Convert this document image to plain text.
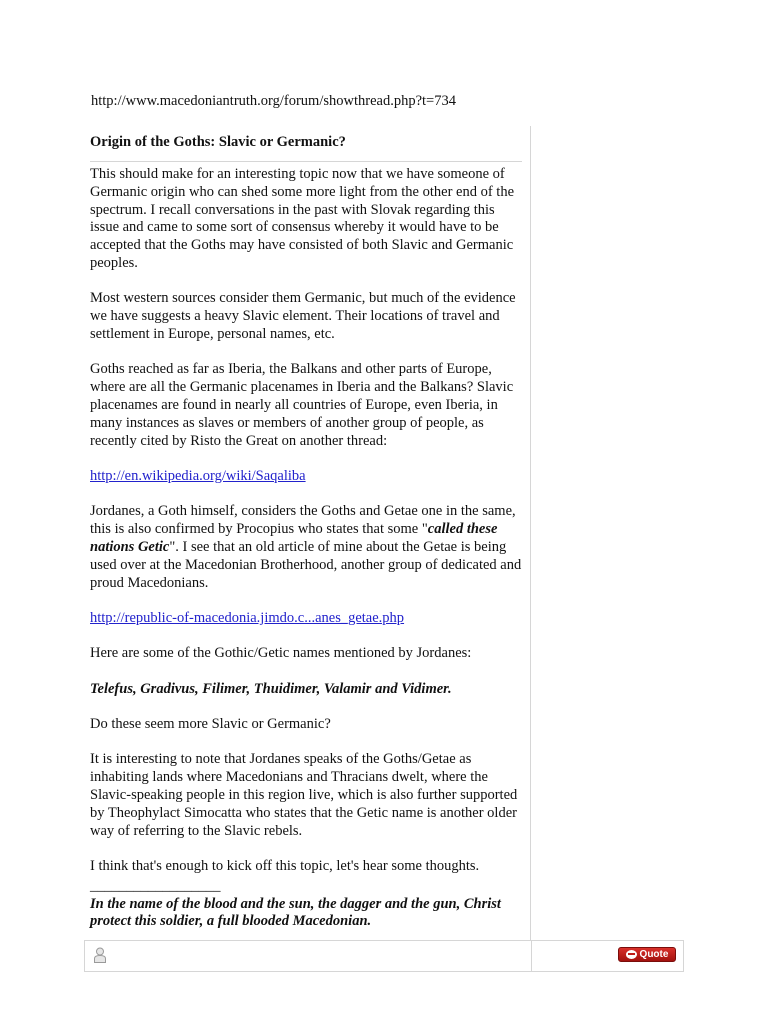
http://www.macedoniantruth.org/forum/showthread.php?t=734
Origin of the Goths: Slavic or Germanic?

This should make for an interesting topic now that we have someone of Germanic origin who can shed some more light from the other end of the spectrum. I recall conversations in the past with Slovak regarding this issue and came to some sort of consensus whereby it would have to be accepted that the Goths may have consisted of both Slavic and Germanic peoples.

Most western sources consider them Germanic, but much of the evidence we have suggests a heavy Slavic element. Their locations of travel and settlement in Europe, personal names, etc.

Goths reached as far as Iberia, the Balkans and other parts of Europe, where are all the Germanic placenames in Iberia and the Balkans? Slavic placenames are found in nearly all countries of Europe, even Iberia, in many instances as slaves or members of another group of people, as recently cited by Risto the Great on another thread:

http://en.wikipedia.org/wiki/Saqaliba

Jordanes, a Goth himself, considers the Goths and Getae one in the same, this is also confirmed by Procopius who states that some "called these nations Getic". I see that an old article of mine about the Getae is being used over at the Macedonian Brotherhood, another group of dedicated and proud Macedonians.

http://republic-of-macedonia.jimdo.c...anes_getae.php

Here are some of the Gothic/Getic names mentioned by Jordanes:

Telefus, Gradivus, Filimer, Thuidimer, Valamir and Vidimer.

Do these seem more Slavic or Germanic?

It is interesting to note that Jordanes speaks of the Goths/Getae as inhabiting lands where Macedonians and Thracians dwelt, where the Slavic-speaking people in this region live, which is also further supported by Theophylact Simocatta who states that the Getic name is another older way of referring to the Slavic rebels.

I think that's enough to kick off this topic, let's hear some thoughts.

__________________
In the name of the blood and the sun, the dagger and the gun, Christ protect this soldier, a full blooded Macedonian.
Quote
